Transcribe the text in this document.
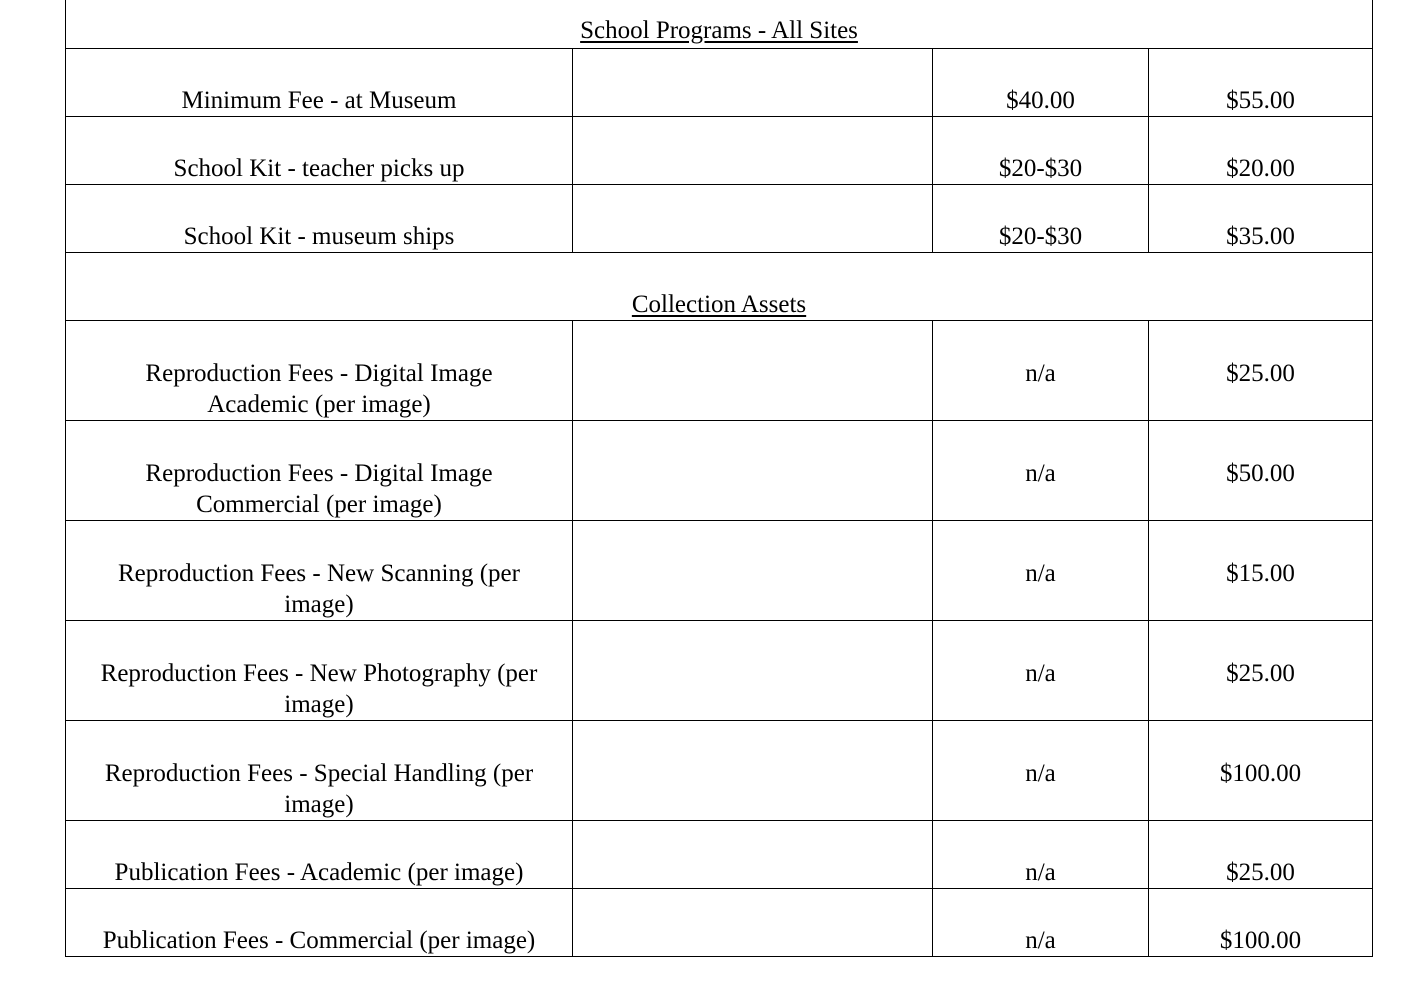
School Programs - All Sites			
Minimum Fee - at Museum		$40.00	$55.00
School Kit - teacher picks up		$20-$30	$20.00
School Kit - museum ships		$20-$30	$35.00
Collection Assets			
Reproduction Fees - Digital Image Academic (per image)		n/a	$25.00
Reproduction Fees - Digital Image Commercial (per image)		n/a	$50.00
Reproduction Fees - New Scanning (per image)		n/a	$15.00
Reproduction Fees - New Photography (per image)		n/a	$25.00
Reproduction Fees - Special Handling (per image)		n/a	$100.00
Publication Fees - Academic (per image)		n/a	$25.00
Publication Fees - Commercial (per image)		n/a	$100.00
